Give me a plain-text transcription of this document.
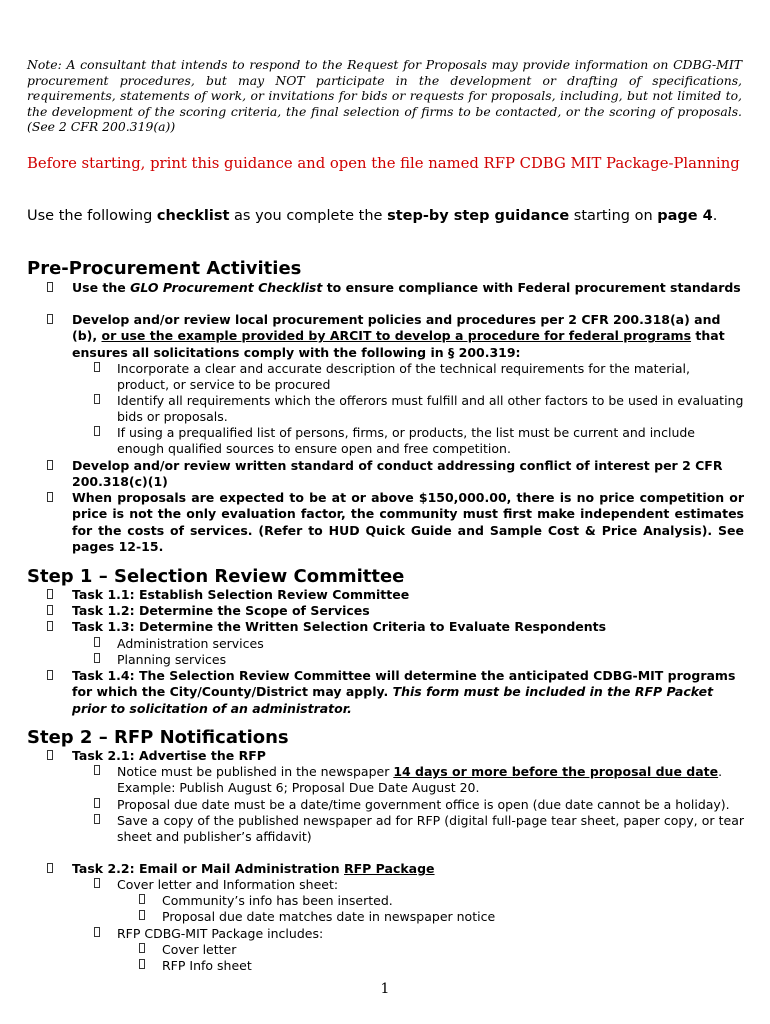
Note: A consultant that intends to respond to the Request for Proposals may provide information on CDBG-MIT procurement procedures, but may NOT participate in the development or drafting of specifications, requirements, statements of work, or invitations for bids or requests for proposals, including, but not limited to, the development of the scoring criteria, the final selection of firms to be contacted, or the scoring of proposals. (See 2 CFR 200.319(a))
Before starting, print this guidance and open the file named RFP CDBG MIT Package-Planning
Use the following checklist as you complete the step-by step guidance starting on page 4.
Pre-Procurement Activities
Use the GLO Procurement Checklist to ensure compliance with Federal procurement standards
Develop and/or review local procurement policies and procedures per 2 CFR 200.318(a) and (b), or use the example provided by ARCIT to develop a procedure for federal programs that ensures all solicitations comply with the following in § 200.319:
Incorporate a clear and accurate description of the technical requirements for the material, product, or service to be procured
Identify all requirements which the offerors must fulfill and all other factors to be used in evaluating bids or proposals.
If using a prequalified list of persons, firms, or products, the list must be current and include enough qualified sources to ensure open and free competition.
Develop and/or review written standard of conduct addressing conflict of interest per 2 CFR 200.318(c)(1)
When proposals are expected to be at or above $150,000.00, there is no price competition or price is not the only evaluation factor, the community must first make independent estimates for the costs of services. (Refer to HUD Quick Guide and Sample Cost & Price Analysis). See pages 12-15.
Step 1 – Selection Review Committee
Task 1.1: Establish Selection Review Committee
Task 1.2: Determine the Scope of Services
Task 1.3: Determine the Written Selection Criteria to Evaluate Respondents
Administration services
Planning services
Task 1.4: The Selection Review Committee will determine the anticipated CDBG-MIT programs for which the City/County/District may apply. This form must be included in the RFP Packet prior to solicitation of an administrator.
Step 2 – RFP Notifications
Task 2.1: Advertise the RFP
Notice must be published in the newspaper 14 days or more before the proposal due date. Example: Publish August 6; Proposal Due Date August 20.
Proposal due date must be a date/time government office is open (due date cannot be a holiday).
Save a copy of the published newspaper ad for RFP (digital full-page tear sheet, paper copy, or tear sheet and publisher’s affidavit)
Task 2.2: Email or Mail Administration RFP Package
Cover letter and Information sheet:
Community’s info has been inserted.
Proposal due date matches date in newspaper notice
RFP CDBG-MIT Package includes:
Cover letter
RFP Info sheet
1
